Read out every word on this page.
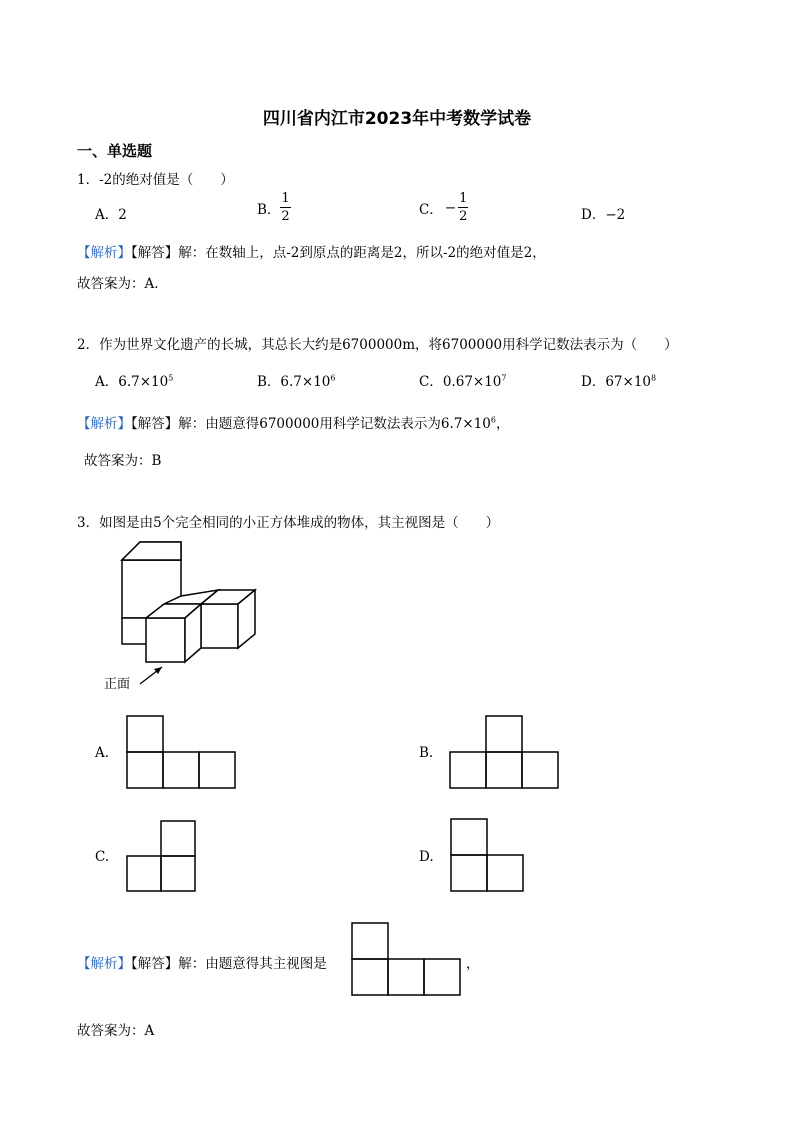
四川省内江市2023年中考数学试卷
一、单选题
1．-2的绝对值是（　　）
A．2	B． $\frac{1}{2}$	C． − $\frac{1}{2}$	D．−2
【解析】【解答】解：在数轴上，点-2到原点的距离是2，所以-2的绝对值是2，
故答案为：A.
2．作为世界文化遗产的长城，其总长大约是6700000m，将6700000用科学记数法表示为（　　）
A．$6.7\times 10^5$	B．$6.7\times 10^6$	C．$0.67\times 10^7$	D．$67\times 10^8$
【解析】【解答】解：由题意得6700000用科学记数法表示为$6.7\times 10^6$，
故答案为：B
3．如图是由5个完全相同的小正方体堆成的物体，其主视图是（　　）
正面
A.	B.
C.	D.
【解析】【解答】解：由题意得其主视图是	，
故答案为：A
